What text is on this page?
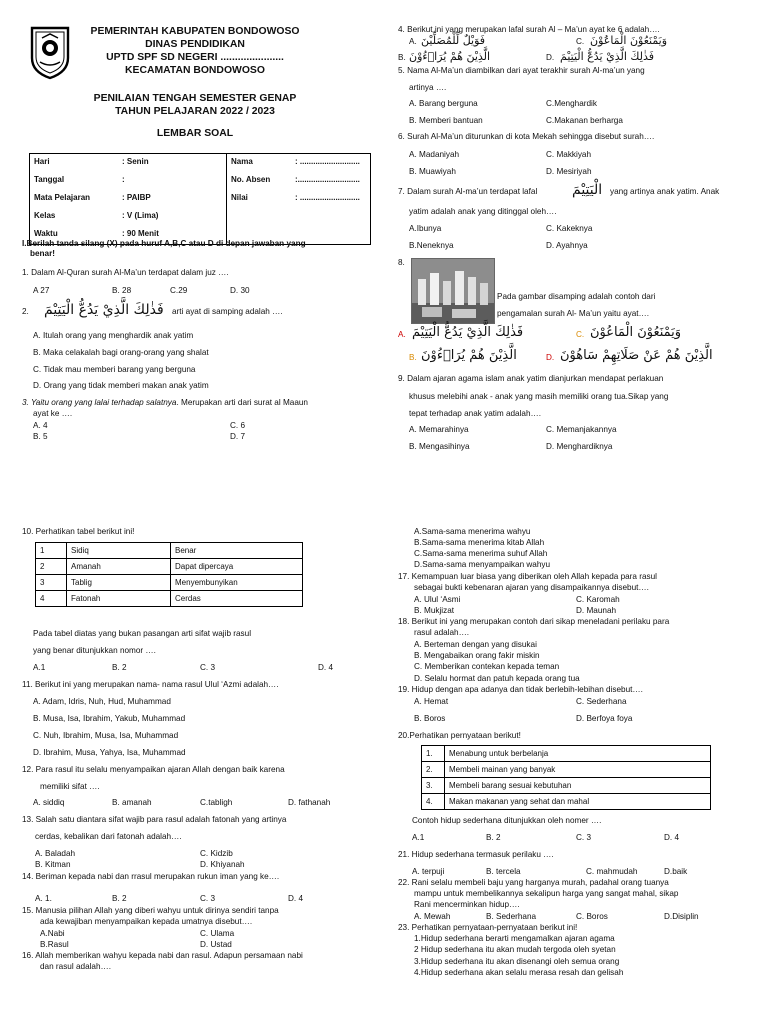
PEMERINTAH KABUPATEN BONDOWOSO
DINAS PENDIDIKAN
UPTD SPF SD NEGERI ......................
KECAMATAN BONDOWOSO
PENILAIAN TENGAH SEMESTER GENAP
TAHUN PELAJARAN 2022 / 2023
LEMBAR SOAL
Hari	: Senin	Nama	: ...........................
Tanggal	:	No. Absen	:............................
Mata Pelajaran	: PAIBP	Nilai	: ...........................
Kelas	: V (Lima)		
Waktu	: 90 Menit		
I.Berilah tanda silang (X) pada huruf A,B,C atau D di depan jawaban yang
benar!
1. Dalam Al-Quran surah Al-Ma’un terdapat dalam juz ….
A 27	B. 28	C.29	D. 30
2. فَذٰلِكَ الَّذِيْ يَدُعُّ الْيَتِيْمَ arti ayat di samping adalah ….
A. Itulah orang yang menghardik anak yatim
B. Maka celakalah bagi orang-orang yang shalat
C. Tidak mau memberi barang yang berguna
D. Orang yang tidak memberi makan anak yatim
3. Yaitu orang yang lalai terhadap salatnya. Merupakan arti dari surat al Maaun
ayat ke ….
A. 4
B. 5
C. 6
D. 7
4. Berikut ini yang merupakan lafal surah Al – Ma’un ayat ke 6 adalah….
A. فَوَيْلٌ لِّلْمُصَلِّيْنَ	C. وَيَمْنَعُوْنَ الْمَاعُوْنَ
B. الَّذِيْنَ هُمْ يُرَاۤءُوْنَ	D. فَذٰلِكَ الَّذِيْ يَدُعُّ الْيَتِيْمَ
5. Nama Al-Ma’un diambilkan dari ayat terakhir surah Al-ma’un yang
artinya ….
A. Barang berguna	C.Menghardik
B. Memberi bantuan	C.Makanan berharga
6. Surah Al-Ma’un diturunkan di kota Mekah sehingga disebut surah….
A. Madaniyah	C. Makkiyah
B. Muawiyah	D. Mesiriyah
7. Dalam surah Al-ma’un terdapat lafal الْيَتِيْمَ yang artinya anak yatim. Anak
yatim adalah anak yang ditinggal oleh….
A.Ibunya	C. Kakeknya
B.Neneknya	D. Ayahnya
8.
Pada gambar disamping adalah contoh dari
pengamalan surah Al- Ma’un yaitu ayat….
A. فَذٰلِكَ الَّذِيْ يَدُعُّ الْيَتِيْمَ	C. وَيَمْنَعُوْنَ الْمَاعُوْنَ
B. الَّذِيْنَ هُمْ يُرَاۤءُوْنَ	D. الَّذِيْنَ هُمْ عَنْ صَلَاتِهِمْ سَاهُوْنَ
9. Dalam ajaran agama islam anak yatim dianjurkan mendapat perlakuan
khusus melebihi anak - anak yang masih memiliki orang tua.Sikap yang
tepat terhadap anak yatim adalah….
A. Memarahinya	C. Memanjakannya
B. Mengasihinya	D. Menghardiknya
10. Perhatikan tabel berikut ini!
1	Sidiq	Benar
2	Amanah	Dapat dipercaya
3	Tablig	Menyembunyikan
4	Fatonah	Cerdas
Pada tabel diatas yang bukan pasangan arti sifat wajib rasul
yang benar ditunjukkan nomor ….
A.1	B. 2	C. 3	D. 4
11. Berikut ini yang merupakan nama- nama rasul Ulul ‘Azmi adalah….
A. Adam, Idris, Nuh, Hud, Muhammad
B. Musa, Isa, Ibrahim, Yakub, Muhammad
C. Nuh, Ibrahim, Musa, Isa, Muhammad
D. Ibrahim, Musa, Yahya, Isa, Muhammad
12. Para rasul itu selalu menyampaikan ajaran Allah dengan baik karena
memiliki sifat ….
A. siddiq	B. amanah	C.tabligh	D. fathanah
13. Salah satu diantara sifat wajib para rasul adalah fatonah yang artinya
cerdas, kebalikan dari fatonah adalah….
A. Baladah	C. Kidzib
B. Kitman	D. Khiyanah
14. Beriman kepada nabi dan rrasul merupakan rukun iman yang ke….
A. 1.	B. 2	C. 3	D. 4
15. Manusia pilihan Allah yang diberi wahyu untuk dirinya sendiri tanpa
ada kewajiban menyampaikan kepada umatnya disebut….
A.Nabi	C. Ulama
B.Rasul	D. Ustad
16. Allah memberikan wahyu kepada nabi dan rasul. Adapun persamaan nabi
dan rasul adalah….
A.Sama-sama menerima wahyu
B.Sama-sama menerima kitab Allah
C.Sama-sama menerima suhuf Allah
D.Sama-sama menyampaikan wahyu
17. Kemampuan luar biasa yang diberikan oleh Allah kepada para rasul
sebagai bukti kebenaran ajaran yang disampaikannya disebut….
A. Ulul ‘Asmi	C. Karomah
B. Mukjizat	D. Maunah
18. Berikut ini yang merupakan contoh dari sikap meneladani perilaku para
rasul adalah….
A. Berteman dengan yang disukai
B. Mengabaikan orang fakir miskin
C. Memberikan contekan kepada teman
D. Selalu hormat dan patuh kepada orang tua
19. Hidup dengan apa adanya dan tidak berlebih-lebihan disebut….
A. Hemat	C. Sederhana
B. Boros	D. Berfoya foya
20.Perhatikan pernyataan berikut!
1.	Menabung untuk berbelanja
2.	Membeli mainan yang banyak
3.	Membeli barang sesuai kebutuhan
4.	Makan makanan yang sehat dan mahal
Contoh hidup sederhana ditunjukkan oleh nomer ….
A.1	B. 2	C. 3	D. 4
21. Hidup sederhana termasuk perilaku ….
A. terpuji	B. tercela	C. mahmudah	D.baik
22. Rani selalu membeli baju yang harganya murah, padahal orang tuanya
mampu untuk membelikannya sekalipun harga yang sangat mahal, sikap
Rani mencerminkan hidup….
A. Mewah	B. Sederhana	C. Boros	D.Disiplin
23. Perhatikan pernyataan-pernyataan berikut ini!
1.Hidup sederhana berarti mengamalkan ajaran agama
2 Hidup sederhana itu akan mudah tergoda oleh syetan
3.Hidup sederhana itu akan disenangi oleh semua orang
4.Hidup sederhana akan selalu merasa resah dan gelisah
